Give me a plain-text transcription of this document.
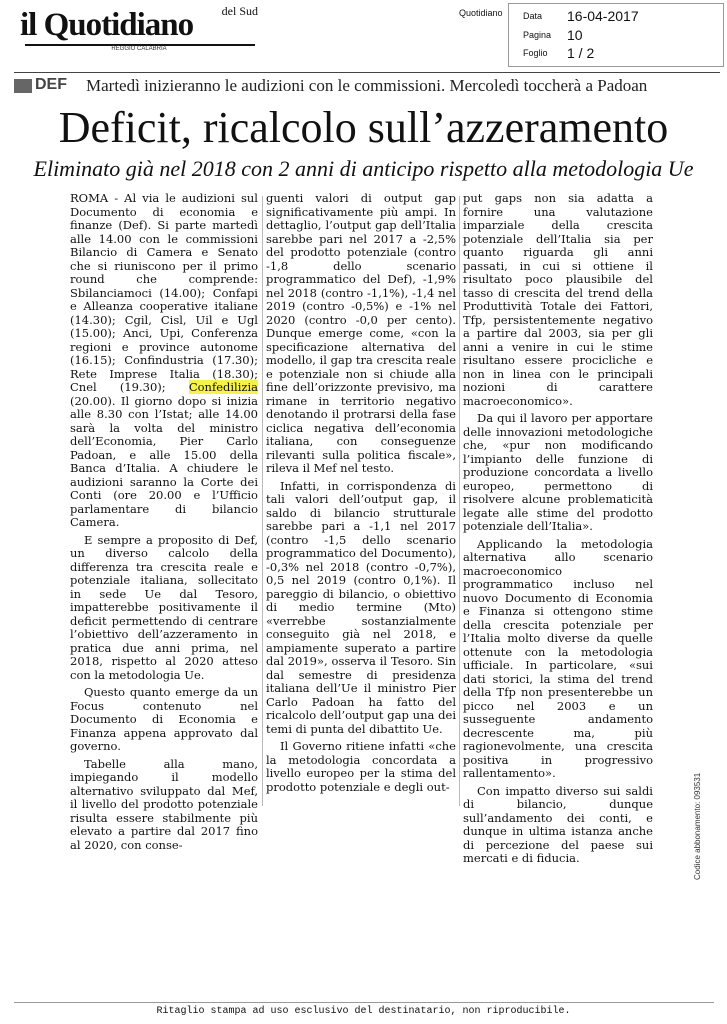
il Quotidiano del Sud
REGGIO CALABRIA
Quotidiano Data 16-04-2017
Pagina 10
Foglio 1 / 2
DEF Martedì inizieranno le audizioni con le commissioni. Mercoledì toccherà a Padoan
Deficit, ricalcolo sull’azzeramento
Eliminato già nel 2018 con 2 anni di anticipo rispetto alla metodologia Ue

ROMA - Al via le audizioni sul Documento di economia e finanze (Def). Si parte martedì alle 14.00 con le commissioni Bilancio di Camera e Senato che si riuniscono per il primo round che comprende: Sbilanciamoci (14.00); Confapi e Alleanza cooperative italiane (14.30); Cgil, Cisl, Uil e Ugl (15.00); Anci, Upi, Conferenza regioni e province autonome (16.15); Confindustria (17.30); Rete Imprese Italia (18.30); Cnel (19.30); Confedilizia (20.00). Il giorno dopo si inizia alle 8.30 con l’Istat; alle 14.00 sarà la volta del ministro dell’Economia, Pier Carlo Padoan, e alle 15.00 della Banca d’Italia. A chiudere le audizioni saranno la Corte dei Conti (ore 20.00 e l’Ufficio parlamentare di bilancio Camera.

E sempre a proposito di Def, un diverso calcolo della differenza tra crescita reale e potenziale italiana, sollecitato in sede Ue dal Tesoro, impatterebbe positivamente il deficit permettendo di centrare l’obiettivo dell’azzeramento in pratica due anni prima, nel 2018, rispetto al 2020 atteso con la metodologia Ue.

Questo quanto emerge da un Focus contenuto nel Documento di Economia e Finanza appena approvato dal governo.

Tabelle alla mano, impiegando il modello alternativo sviluppato dal Mef, il livello del prodotto potenziale risulta essere stabilmente più elevato a partire dal 2017 fino al 2020, con conse-

guenti valori di output gap significativamente più ampi. In dettaglio, l’output gap dell’Italia sarebbe pari nel 2017 a -2,5% del prodotto potenziale (contro -1,8 dello scenario programmatico del Def), -1,9% nel 2018 (contro -1,1%), -1,4 nel 2019 (contro -0,5%) e -1% nel 2020 (contro -0,0 per cento). Dunque emerge come, «con la specificazione alternativa del modello, il gap tra crescita reale e potenziale non si chiude alla fine dell’orizzonte previsivo, ma rimane in territorio negativo denotando il protrarsi della fase ciclica negativa dell’economia italiana, con conseguenze rilevanti sulla politica fiscale», rileva il Mef nel testo.

Infatti, in corrispondenza di tali valori dell’output gap, il saldo di bilancio strutturale sarebbe pari a -1,1 nel 2017 (contro -1,5 dello scenario programmatico del Documento), -0,3% nel 2018 (contro -0,7%), 0,5 nel 2019 (contro 0,1%). Il pareggio di bilancio, o obiettivo di medio termine (Mto) «verrebbe sostanzialmente conseguito già nel 2018, e ampiamente superato a partire dal 2019», osserva il Tesoro. Sin dal semestre di presidenza italiana dell’Ue il ministro Pier Carlo Padoan ha fatto del ricalcolo dell’output gap una dei temi di punta del dibattito Ue.

Il Governo ritiene infatti «che la metodologia concordata a livello europeo per la stima del prodotto potenziale e degli out-

put gaps non sia adatta a fornire una valutazione imparziale della crescita potenziale dell’Italia sia per quanto riguarda gli anni passati, in cui si ottiene il risultato poco plausibile del tasso di crescita del trend della Produttività Totale dei Fattori, Tfp, persistentemente negativo a partire dal 2003, sia per gli anni a venire in cui le stime risultano essere procicliche e non in linea con le principali nozioni di carattere macroeconomico».

Da qui il lavoro per apportare delle innovazioni metodologiche che, «pur non modificando l’impianto delle funzione di produzione concordata a livello europeo, permettono di risolvere alcune problematicità legate alle stime del prodotto potenziale dell’Italia».

Applicando la metodologia alternativa allo scenario macroeconomico programmatico incluso nel nuovo Documento di Economia e Finanza si ottengono stime della crescita potenziale per l’Italia molto diverse da quelle ottenute con la metodologia ufficiale. In particolare, «sui dati storici, la stima del trend della Tfp non presenterebbe un picco nel 2003 e un susseguente andamento decrescente ma, più ragionevolmente, una crescita positiva in progressivo rallentamento».

Con impatto diverso sui saldi di bilancio, dunque sull’andamento dei conti, e dunque in ultima istanza anche di percezione del paese sui mercati e di fiducia.	Codice abbonamento: 093531
Ritaglio stampa ad uso esclusivo del destinatario, non riproducibile.
